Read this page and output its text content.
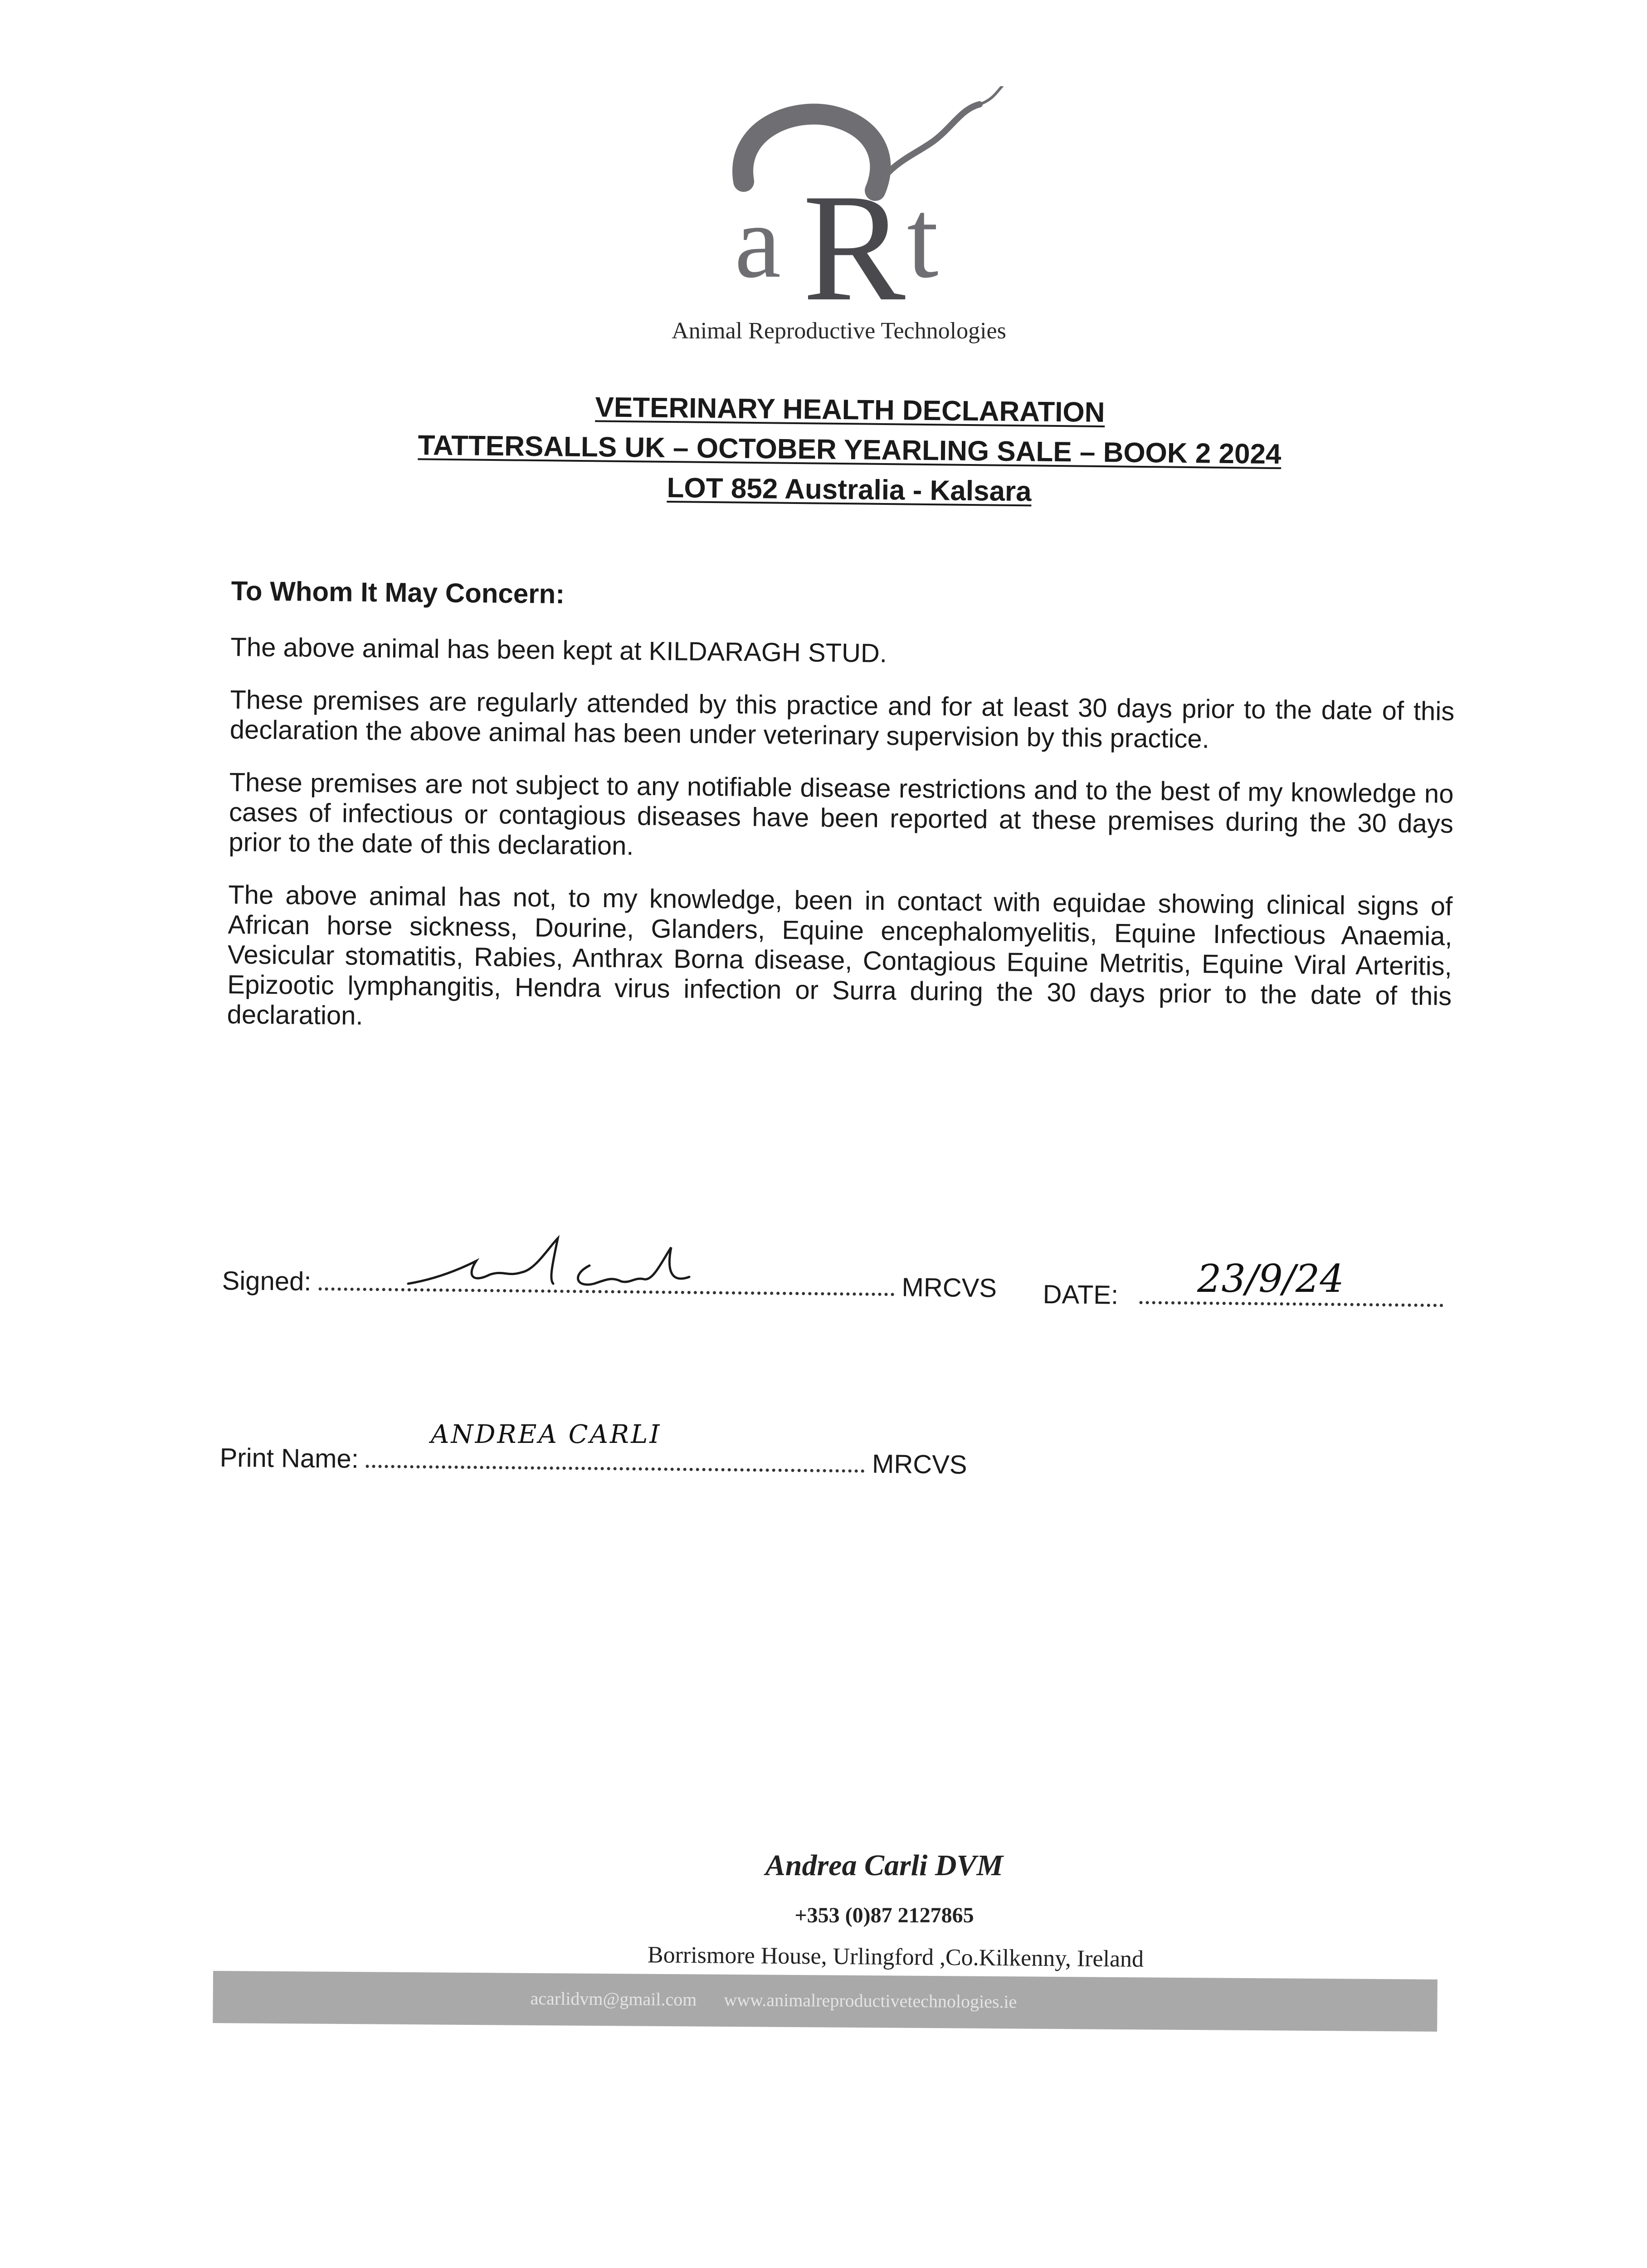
a R t
Animal Reproductive Technologies
VETERINARY HEALTH DECLARATION
TATTERSALLS UK – OCTOBER YEARLING SALE – BOOK 2 2024
LOT 852 Australia - Kalsara
To Whom It May Concern:

The above animal has been kept at KILDARAGH STUD.

These premises are regularly attended by this practice and for at least 30 days prior to the date of this declaration the above animal has been under veterinary supervision by this practice.

These premises are not subject to any notifiable disease restrictions and to the best of my knowledge no cases of infectious or contagious diseases have been reported at these premises during the 30 days prior to the date of this declaration.

The above animal has not, to my knowledge, been in contact with equidae showing clinical signs of African horse sickness, Dourine, Glanders, Equine encephalomyelitis, Equine Infectious Anaemia, Vesicular stomatitis, Rabies, Anthrax Borna disease, Contagious Equine Metritis, Equine Viral Arteritis, Epizootic lymphangitis, Hendra virus infection or Surra during the 30 days prior to the date of this declaration.

Signed:	MRCVS DATE:	23/9/24
Print Name:	MRCVS
ANDREA CARLI
Andrea Carli DVM
+353 (0)87 2127865
Borrismore House, Urlingford ,Co.Kilkenny, Ireland
acarlidvm@gmail.com www.animalreproductivetechnologies.ie
